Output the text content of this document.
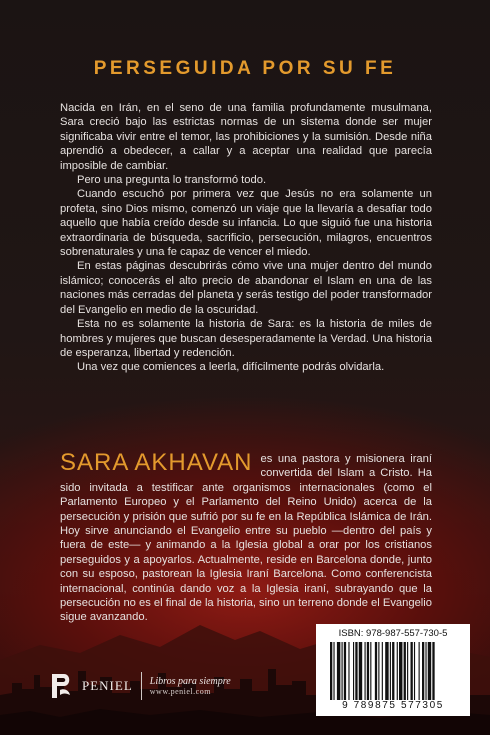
PERSEGUIDA POR SU FE

Nacida en Irán, en el seno de una familia profundamente musulmana, Sara creció bajo las estrictas normas de un sistema donde ser mujer significaba vivir entre el temor, las prohibiciones y la sumisión. Desde niña aprendió a obedecer, a callar y a aceptar una realidad que parecía imposible de cambiar.

Pero una pregunta lo transformó todo.

Cuando escuchó por primera vez que Jesús no era solamente un profeta, sino Dios mismo, comenzó un viaje que la llevaría a desafiar todo aquello que había creído desde su infancia. Lo que siguió fue una historia extraordinaria de búsqueda, sacrificio, persecución, milagros, encuentros sobrenaturales y una fe capaz de vencer el miedo.

En estas páginas descubrirás cómo vive una mujer dentro del mundo islámico; conocerás el alto precio de abandonar el Islam en una de las naciones más cerradas del planeta y serás testigo del poder transformador del Evangelio en medio de la oscuridad.

Esta no es solamente la historia de Sara: es la historia de miles de hombres y mujeres que buscan desesperadamente la Verdad. Una historia de esperanza, libertad y redención.

Una vez que comiences a leerla, difícilmente podrás olvidarla.

SARA AKHAVAN es una pastora y misionera iraní convertida del Islam a Cristo. Ha sido invitada a testificar ante organismos internacionales (como el Parlamento Europeo y el Parlamento del Reino Unido) acerca de la persecución y prisión que sufrió por su fe en la República Islámica de Irán. Hoy sirve anunciando el Evangelio entre su pueblo —dentro del país y fuera de este— y animando a la Iglesia global a orar por los cristianos perseguidos y a apoyarlos. Actualmente, reside en Barcelona donde, junto con su esposo, pastorean la Iglesia Iraní Barcelona. Como conferencista internacional, continúa dando voz a la Iglesia iraní, subrayando que la persecución no es el final de la historia, sino un terreno donde el Evangelio sigue avanzando.
PENIEL Libros para siempre
www.peniel.com
ISBN: 978-987-557-730-5
9 789875 577305
